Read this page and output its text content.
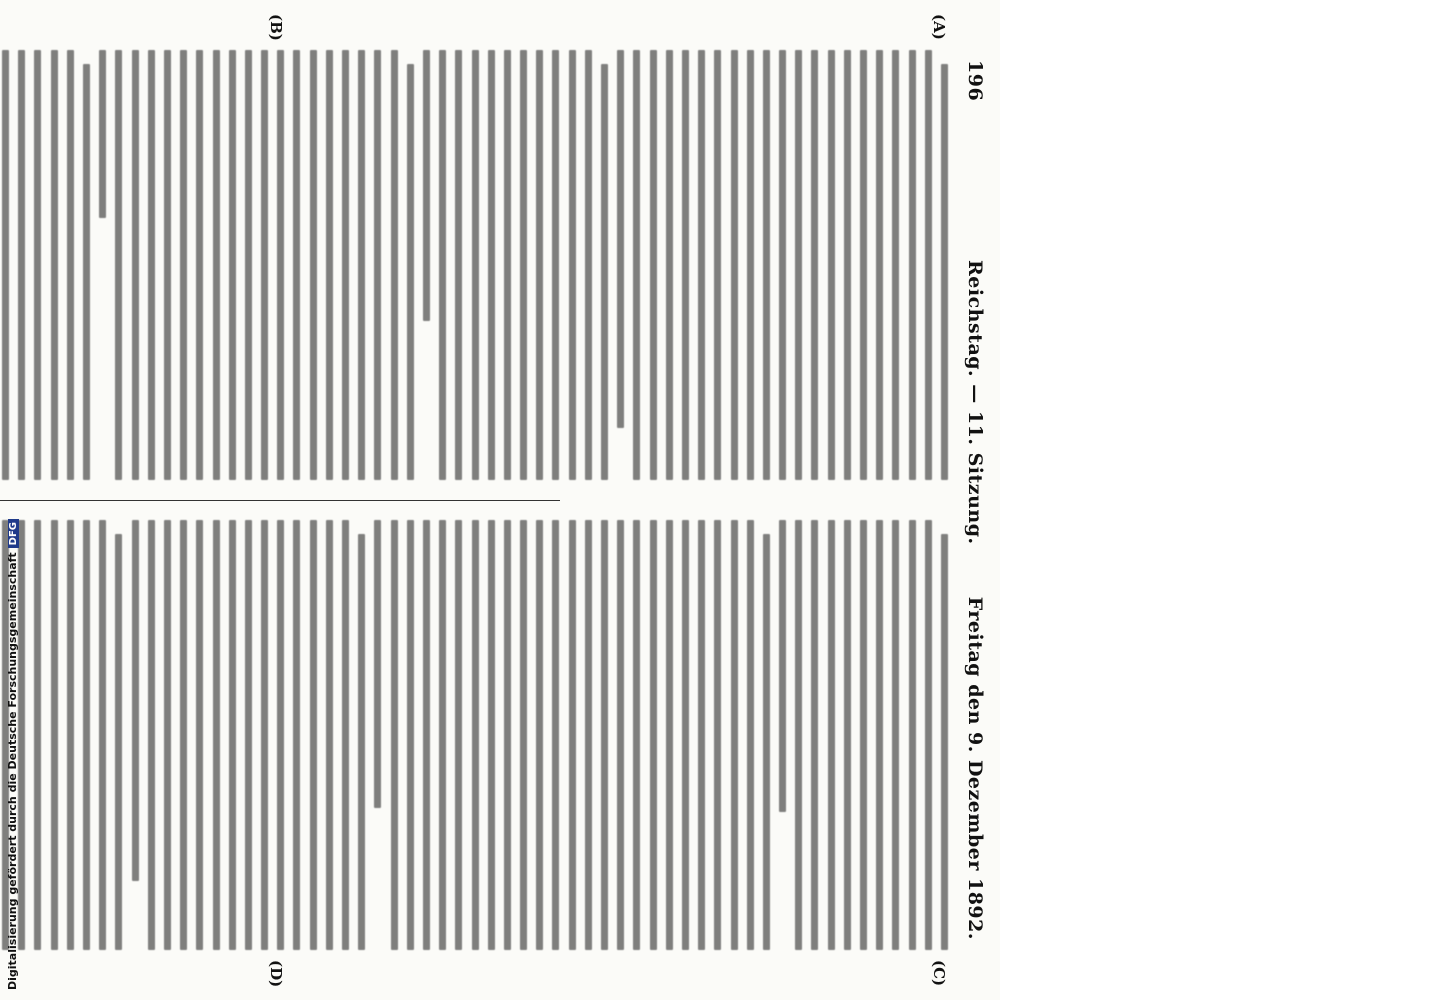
196
Reichstag. — 11. Sitzung.
Freitag den 9. Dezember 1892.
(A)
(B)
(C)
(D)
Digitalisierung gefördert durch die Deutsche ForschungsgemeinschaftDFG
